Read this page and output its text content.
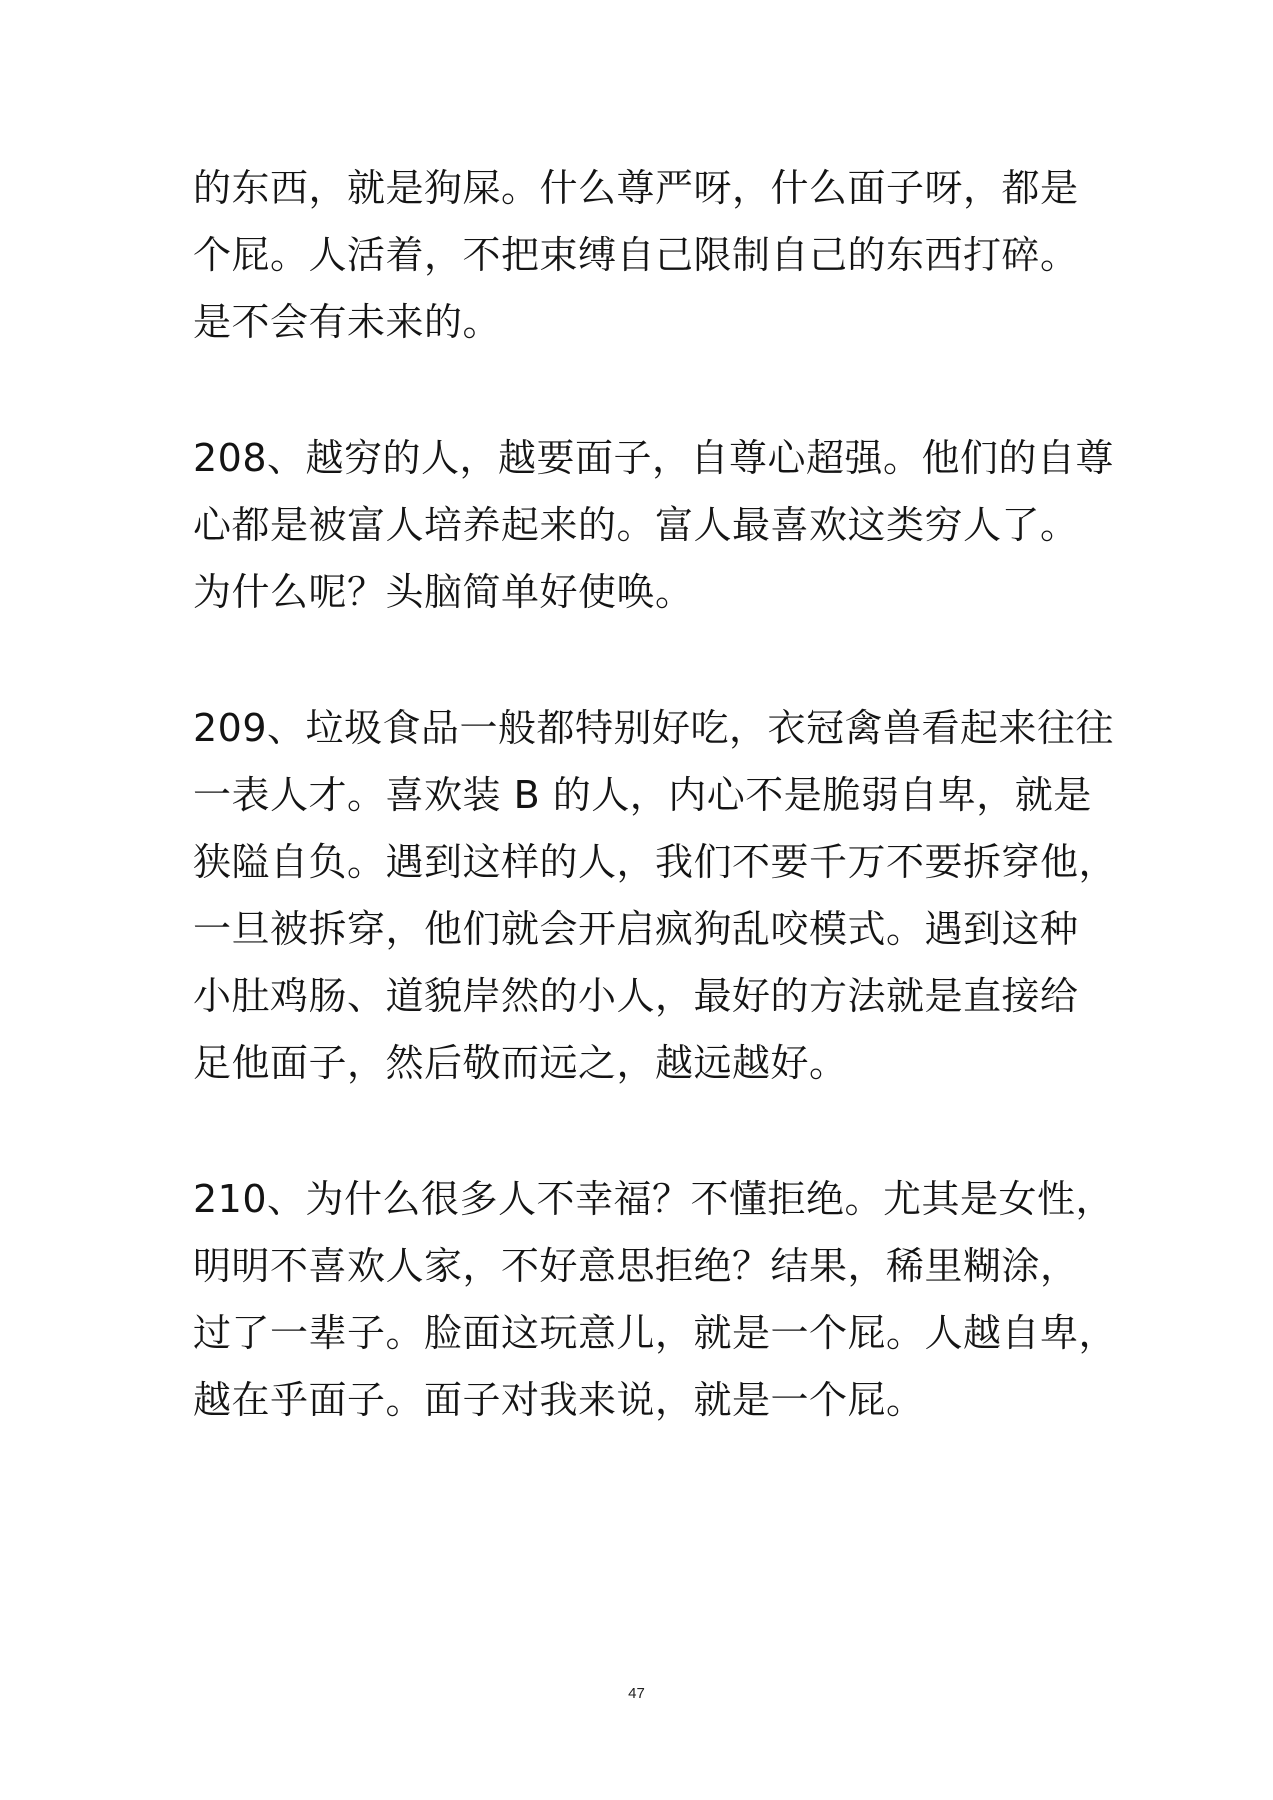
的东西，就是狗屎。什么尊严呀，什么面子呀，都是
个屁。人活着，不把束缚自己限制自己的东西打碎。
是不会有未来的。
208、越穷的人，越要面子，自尊心超强。他们的自尊
心都是被富人培养起来的。富人最喜欢这类穷人了。
为什么呢？头脑简单好使唤。
209、垃圾食品一般都特别好吃，衣冠禽兽看起来往往
一表人才。喜欢装 B 的人，内心不是脆弱自卑，就是
狭隘自负。遇到这样的人，我们不要千万不要拆穿他，
一旦被拆穿，他们就会开启疯狗乱咬模式。遇到这种
小肚鸡肠、道貌岸然的小人，最好的方法就是直接给
足他面子，然后敬而远之，越远越好。
210、为什么很多人不幸福？不懂拒绝。尤其是女性，
明明不喜欢人家，不好意思拒绝？结果，稀里糊涂，
过了一辈子。脸面这玩意儿，就是一个屁。人越自卑，
越在乎面子。面子对我来说，就是一个屁。
47
